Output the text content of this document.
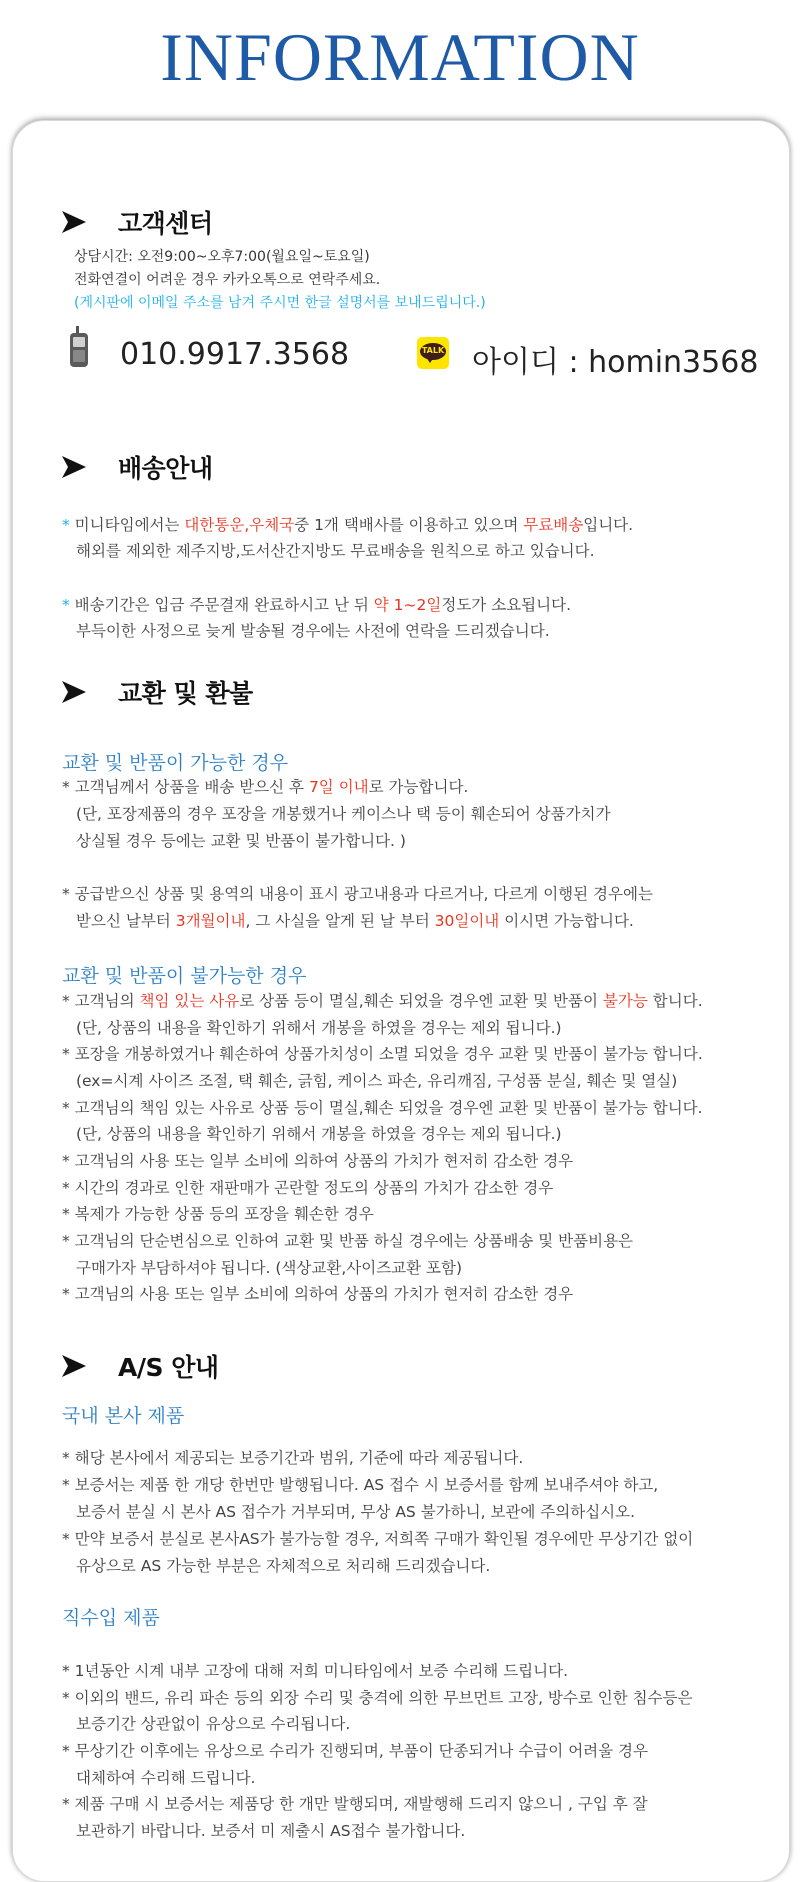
INFORMATION
고객센터
상담시간: 오전9:00~오후7:00(월요일~토요일)
전화연결이 어려운 경우 카카오톡으로 연락주세요.
(게시판에 이메일 주소를 남겨 주시면 한글 설명서를 보내드립니다.)
010.9917.3568	TALK 아이디 : homin3568
배송안내
* 미니타임에서는 대한통운,우체국중 1개 택배사를 이용하고 있으며 무료배송입니다.
해외를 제외한 제주지방,도서산간지방도 무료배송을 원칙으로 하고 있습니다.
* 배송기간은 입금 주문결재 완료하시고 난 뒤 약 1~2일정도가 소요됩니다.
부득이한 사정으로 늦게 발송될 경우에는 사전에 연락을 드리겠습니다.
교환 및 환불
교환 및 반품이 가능한 경우
* 고객님께서 상품을 배송 받으신 후 7일 이내로 가능합니다.
(단, 포장제품의 경우 포장을 개봉했거나 케이스나 택 등이 훼손되어 상품가치가
상실될 경우 등에는 교환 및 반품이 불가합니다. )
* 공급받으신 상품 및 용역의 내용이 표시 광고내용과 다르거나, 다르게 이행된 경우에는
받으신 날부터 3개월이내, 그 사실을 알게 된 날 부터 30일이내 이시면 가능합니다.
교환 및 반품이 불가능한 경우
* 고객님의 책임 있는 사유로 상품 등이 멸실,훼손 되었을 경우엔 교환 및 반품이 불가능 합니다.
(단, 상품의 내용을 확인하기 위해서 개봉을 하였을 경우는 제외 됩니다.)
* 포장을 개봉하였거나 훼손하여 상품가치성이 소멸 되었을 경우 교환 및 반품이 불가능 합니다.
(ex=시계 사이즈 조절, 택 훼손, 긁힘, 케이스 파손, 유리깨짐, 구성품 분실, 훼손 및 열실)
* 고객님의 책임 있는 사유로 상품 등이 멸실,훼손 되었을 경우엔 교환 및 반품이 불가능 합니다.
(단, 상품의 내용을 확인하기 위해서 개봉을 하였을 경우는 제외 됩니다.)
* 고객님의 사용 또는 일부 소비에 의하여 상품의 가치가 현저히 감소한 경우
* 시간의 경과로 인한 재판매가 곤란할 정도의 상품의 가치가 감소한 경우
* 복제가 가능한 상품 등의 포장을 훼손한 경우
* 고객님의 단순변심으로 인하여 교환 및 반품 하실 경우에는 상품배송 및 반품비용은
구매가자 부담하셔야 됩니다. (색상교환,사이즈교환 포함)
* 고객님의 사용 또는 일부 소비에 의하여 상품의 가치가 현저히 감소한 경우
A/S 안내
국내 본사 제품
* 해당 본사에서 제공되는 보증기간과 범위, 기준에 따라 제공됩니다.
* 보증서는 제품 한 개당 한번만 발행됩니다. AS 접수 시 보증서를 함께 보내주셔야 하고,
보증서 분실 시 본사 AS 접수가 거부되며, 무상 AS 불가하니, 보관에 주의하십시오.
* 만약 보증서 분실로 본사AS가 불가능할 경우, 저희쪽 구매가 확인될 경우에만 무상기간 없이
유상으로 AS 가능한 부분은 자체적으로 처리해 드리겠습니다.
직수입 제품
* 1년동안 시계 내부 고장에 대해 저희 미니타임에서 보증 수리해 드립니다.
* 이외의 밴드, 유리 파손 등의 외장 수리 및 충격에 의한 무브먼트 고장, 방수로 인한 침수등은
보증기간 상관없이 유상으로 수리됩니다.
* 무상기간 이후에는 유상으로 수리가 진행되며, 부품이 단종되거나 수급이 어려울 경우
대체하여 수리해 드립니다.
* 제품 구매 시 보증서는 제품당 한 개만 발행되며, 재발행해 드리지 않으니 , 구입 후 잘
보관하기 바랍니다. 보증서 미 제출시 AS접수 불가합니다.
